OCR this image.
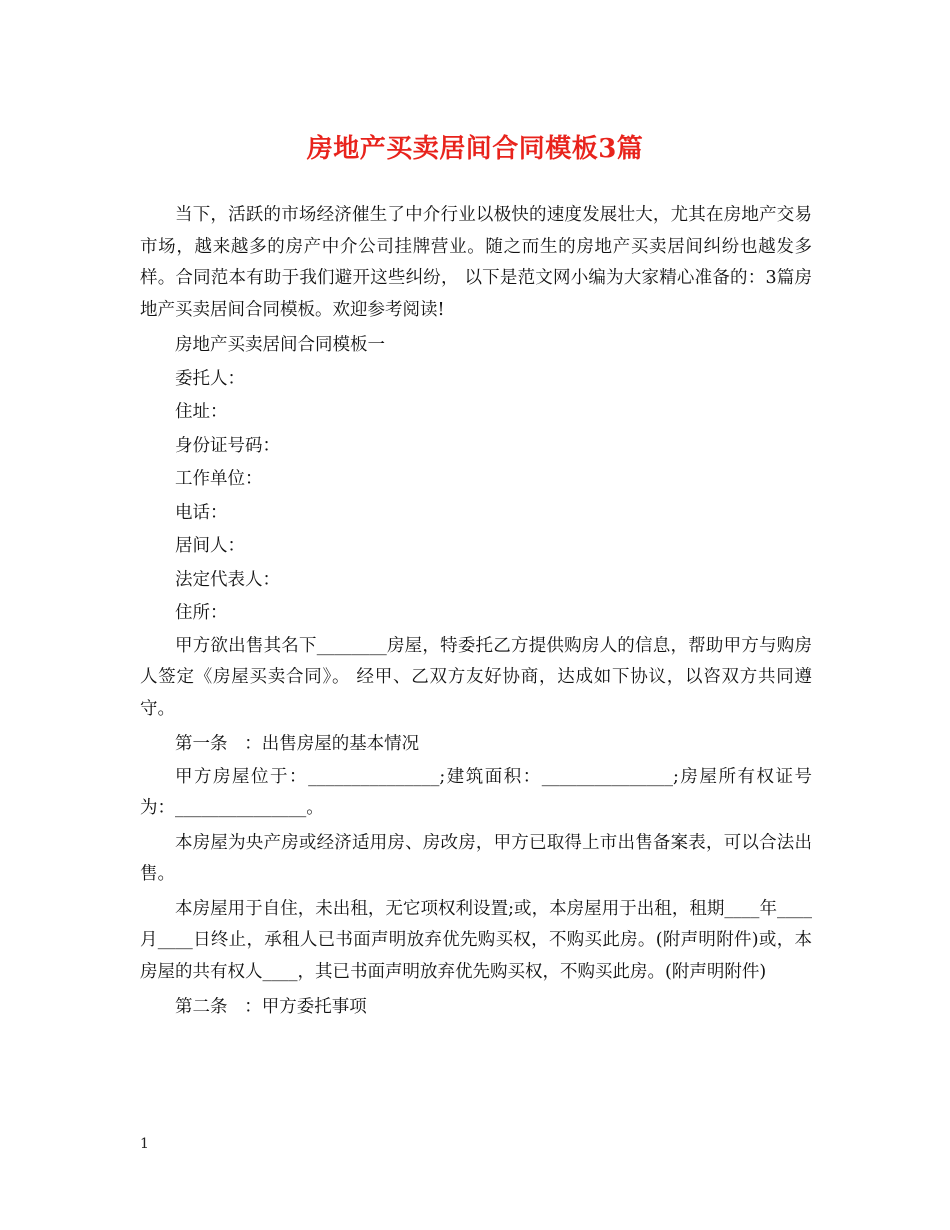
房地产买卖居间合同模板3篇

当下，活跃的市场经济催生了中介行业以极快的速度发展壮大，尤其在房地产交易市场，越来越多的房产中介公司挂牌营业。随之而生的房地产买卖居间纠纷也越发多样。合同范本有助于我们避开这些纠纷， 以下是范文网小编为大家精心准备的：3篇房地产买卖居间合同模板。欢迎参考阅读!

房地产买卖居间合同模板一

委托人：

住址：

身份证号码：

工作单位：

电话：

居间人：

法定代表人：

住所：

甲方欲出售其名下________房屋，特委托乙方提供购房人的信息，帮助甲方与购房人签定《房屋买卖合同》。 经甲、乙双方友好协商，达成如下协议，以咨双方共同遵守。

第一条   ：出售房屋的基本情况

甲方房屋位于：_______________;建筑面积：_______________;房屋所有权证号为：_______________。

本房屋为央产房或经济适用房、房改房，甲方已取得上市出售备案表，可以合法出售。

本房屋用于自住，未出租，无它项权利设置;或，本房屋用于出租，租期____年____月____日终止，承租人已书面声明放弃优先购买权，不购买此房。(附声明附件)或，本房屋的共有权人____，其已书面声明放弃优先购买权，不购买此房。(附声明附件)

第二条   ：甲方委托事项

1
